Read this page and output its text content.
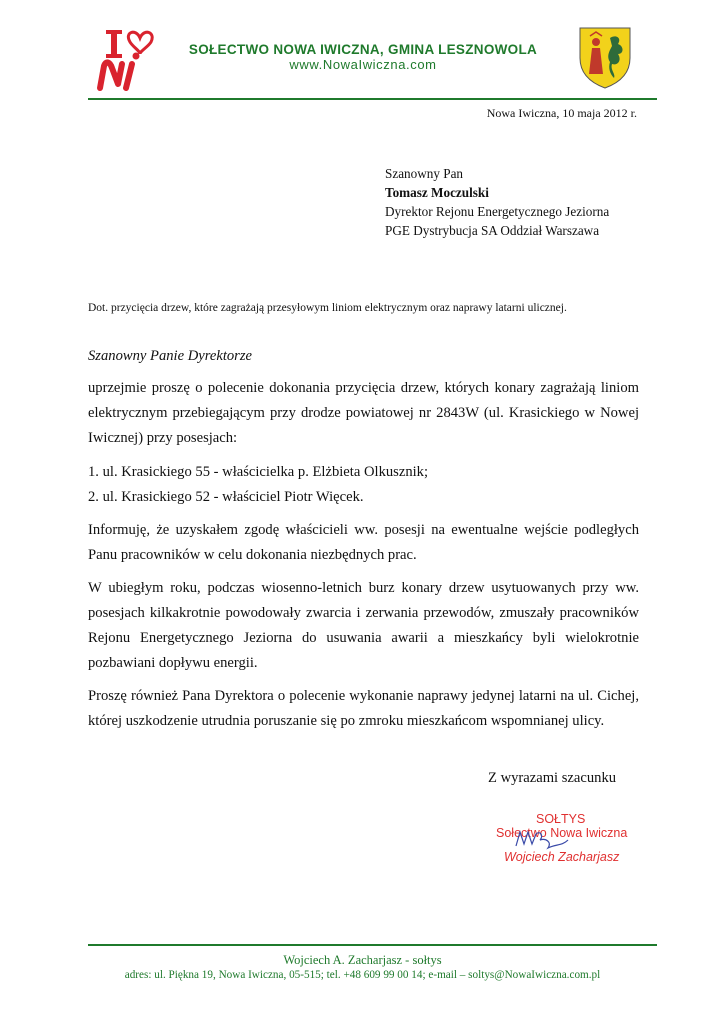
SOŁECTWO NOWA IWICZNA, GMINA LESZNOWOLA
www.NowaIwiczna.com
Nowa Iwiczna, 10 maja 2012 r.
Szanowny Pan
Tomasz Moczulski
Dyrektor Rejonu Energetycznego Jeziorna
PGE Dystrybucja SA Oddział Warszawa
Dot. przycięcia drzew, które zagrażają przesyłowym liniom elektrycznym oraz naprawy latarni ulicznej.
Szanowny Panie Dyrektorze
uprzejmie proszę o polecenie dokonania przycięcia drzew, których konary zagrażają liniom elektrycznym przebiegającym przy drodze powiatowej nr 2843W (ul. Krasickiego w Nowej Iwicznej) przy posesjach:
1. ul. Krasickiego 55 - właścicielka p. Elżbieta Olkusznik;
2. ul. Krasickiego 52 - właściciel Piotr Więcek.
Informuję, że uzyskałem zgodę właścicieli ww. posesji na ewentualne wejście podległych Panu pracowników w celu dokonania niezbędnych prac.
W ubiegłym roku, podczas wiosenno-letnich burz konary drzew usytuowanych przy ww. posesjach kilkakrotnie powodowały zwarcia i zerwania przewodów, zmuszały pracowników Rejonu Energetycznego Jeziorna do usuwania awarii a mieszkańcy byli wielokrotnie pozbawiani dopływu energii.
Proszę również Pana Dyrektora o polecenie wykonanie naprawy jedynej latarni na ul. Cichej, której uszkodzenie utrudnia poruszanie się po zmroku mieszkańcom wspomnianej ulicy.
Z wyrazami szacunku
SOŁTYS
Sołectwo Nowa Iwiczna
Wojciech Zacharjasz
Wojciech A. Zacharjasz - sołtys
adres: ul. Piękna 19, Nowa Iwiczna, 05-515; tel. +48 609 99 00 14; e-mail – soltys@NowaIwiczna.com.pl
